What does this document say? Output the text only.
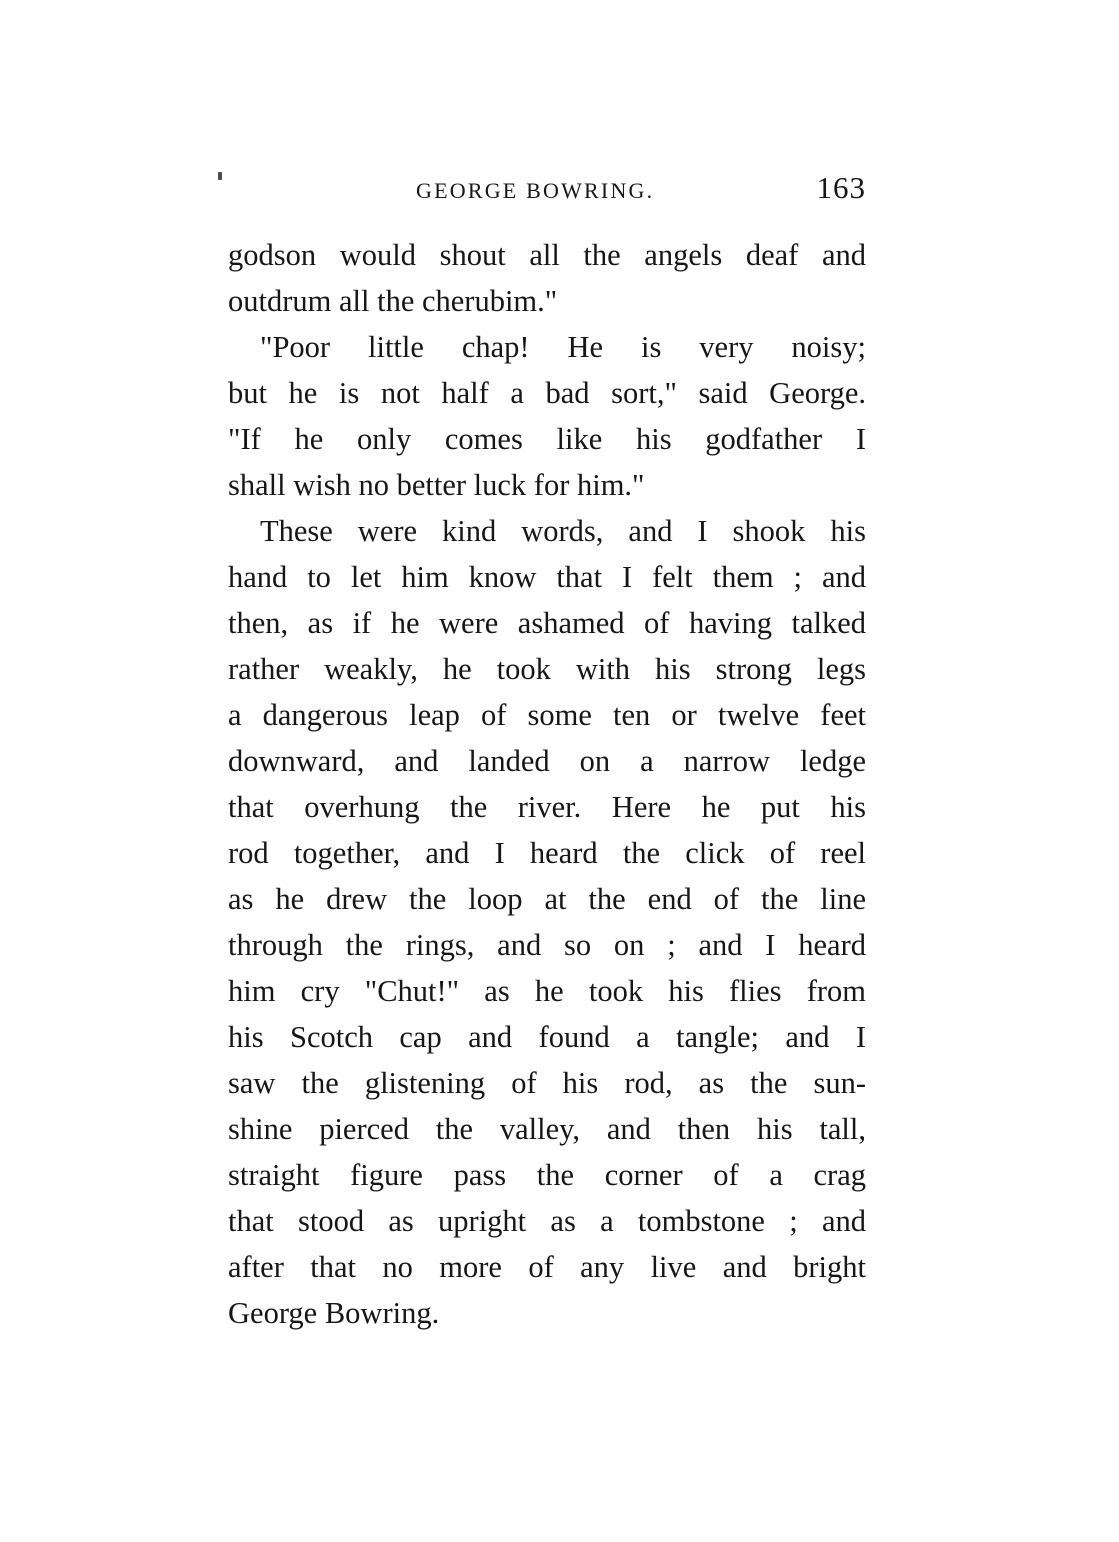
GEORGE BOWRING.	163
godson would shout all the angels deaf and
outdrum all the cherubim."
"Poor little chap! He is very noisy;
but he is not half a bad sort," said George.
"If he only comes like his godfather I
shall wish no better luck for him."
These were kind words, and I shook his
hand to let him know that I felt them ; and
then, as if he were ashamed of having talked
rather weakly, he took with his strong legs
a dangerous leap of some ten or twelve feet
downward, and landed on a narrow ledge
that overhung the river. Here he put his
rod together, and I heard the click of reel
as he drew the loop at the end of the line
through the rings, and so on ; and I heard
him cry "Chut!" as he took his flies from
his Scotch cap and found a tangle; and I
saw the glistening of his rod, as the sun-
shine pierced the valley, and then his tall,
straight figure pass the corner of a crag
that stood as upright as a tombstone ; and
after that no more of any live and bright
George Bowring.
